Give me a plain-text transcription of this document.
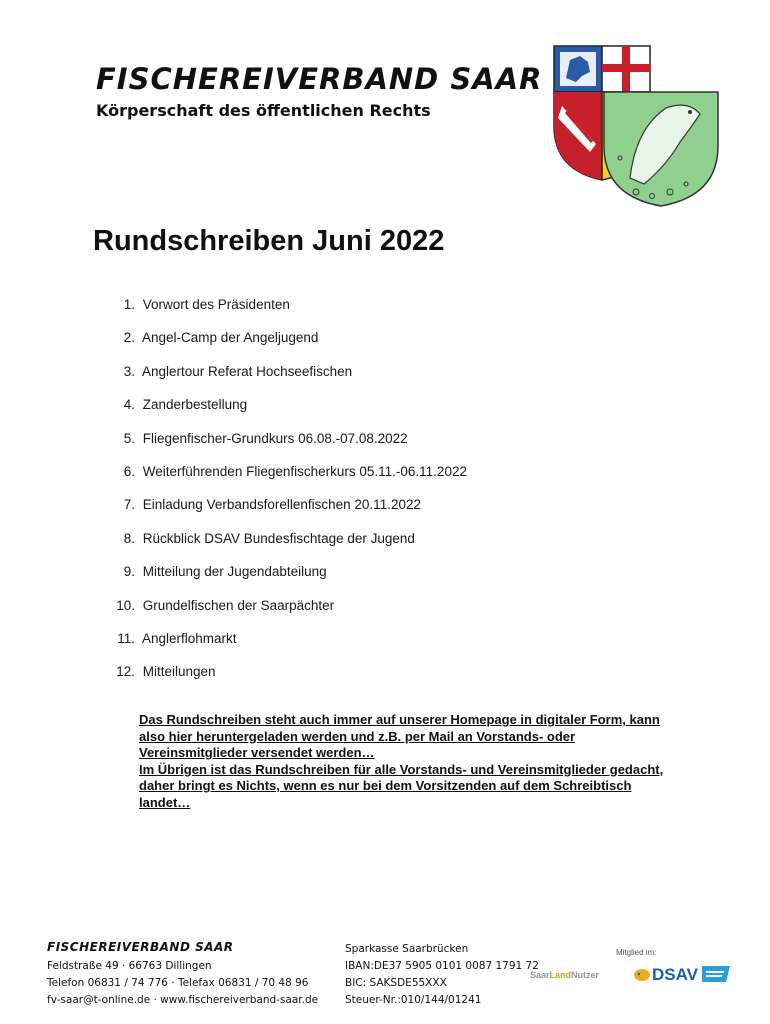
FISCHEREIVERBAND SAAR
Körperschaft des öffentlichen Rechts
Rundschreiben Juni 2022
1. Vorwort des Präsidenten
2. Angel-Camp der Angeljugend
3. Anglertour Referat Hochseefischen
4. Zanderbestellung
5. Fliegenfischer-Grundkurs 06.08.-07.08.2022
6. Weiterführenden Fliegenfischerkurs 05.11.-06.11.2022
7. Einladung Verbandsforellenfischen 20.11.2022
8. Rückblick DSAV Bundesfischtage der Jugend
9. Mitteilung der Jugendabteilung
10. Grundelfischen der Saarpächter
11. Anglerflohmarkt
12. Mitteilungen

Das Rundschreiben steht auch immer auf unserer Homepage in digitaler Form, kann also hier heruntergeladen werden und z.B. per Mail an Vorstands- oder Vereinsmitglieder versendet werden…

Im Übrigen ist das Rundschreiben für alle Vorstands- und Vereinsmitglieder gedacht, daher bringt es Nichts, wenn es nur bei dem Vorsitzenden auf dem Schreibtisch landet…

FISCHEREIVERBAND SAAR
Feldstraße 49 · 66763 Dillingen
Telefon 06831 / 74 776 · Telefax 06831 / 70 48 96
fv-saar@t-online.de · www.fischereiverband-saar.de
Sparkasse Saarbrücken
IBAN:DE37 5905 0101 0087 1791 72
BIC: SAKSDE55XXX
Steuer-Nr.:010/144/01241
Mitglied im:
SaarLandNutzer	DSAV
